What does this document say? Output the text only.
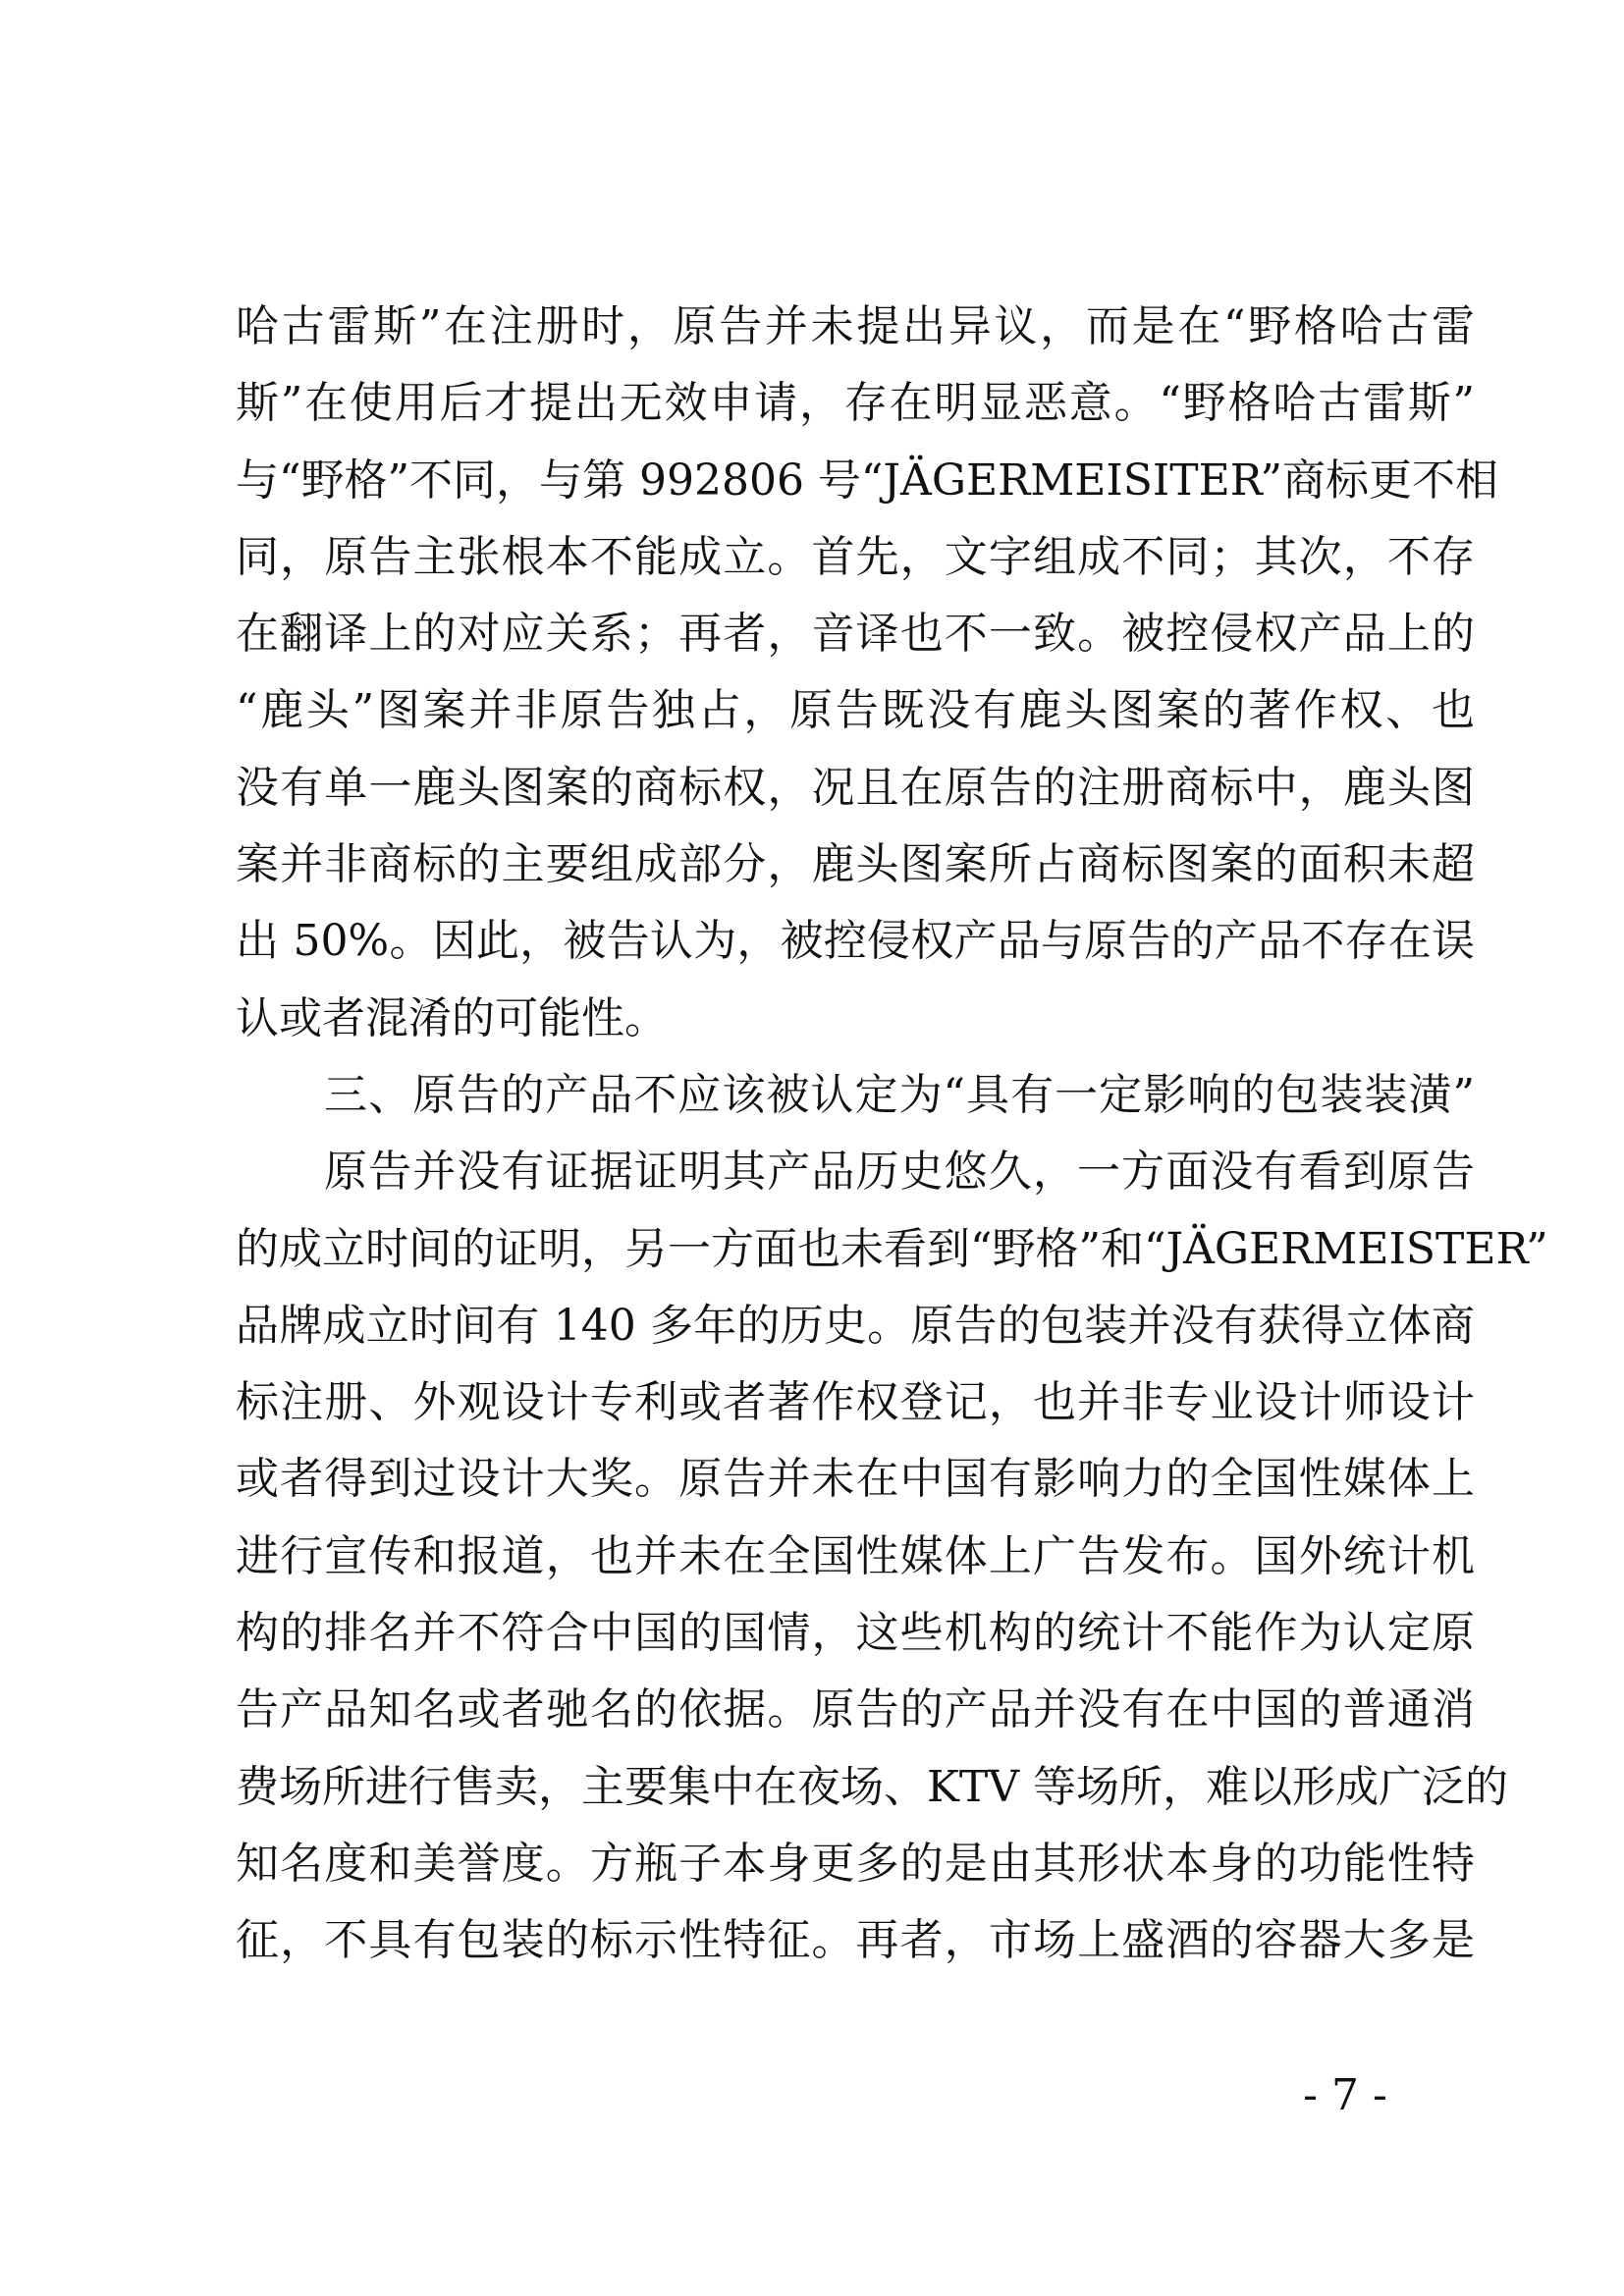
哈古雷斯”在注册时，原告并未提出异议，而是在“野格哈古雷
斯”在使用后才提出无效申请，存在明显恶意。“野格哈古雷斯”
与“野格”不同，与第 992806 号“JÄGERMEISITER”商标更不相
同，原告主张根本不能成立。首先，文字组成不同；其次，不存
在翻译上的对应关系；再者，音译也不一致。被控侵权产品上的
“鹿头”图案并非原告独占，原告既没有鹿头图案的著作权、也
没有单一鹿头图案的商标权，况且在原告的注册商标中，鹿头图
案并非商标的主要组成部分，鹿头图案所占商标图案的面积未超
出 50%。因此，被告认为，被控侵权产品与原告的产品不存在误
认或者混淆的可能性。
三、原告的产品不应该被认定为“具有一定影响的包装装潢”
原告并没有证据证明其产品历史悠久，一方面没有看到原告
的成立时间的证明，另一方面也未看到“野格”和“JÄGERMEISTER”
品牌成立时间有 140 多年的历史。原告的包装并没有获得立体商
标注册、外观设计专利或者著作权登记，也并非专业设计师设计
或者得到过设计大奖。原告并未在中国有影响力的全国性媒体上
进行宣传和报道，也并未在全国性媒体上广告发布。国外统计机
构的排名并不符合中国的国情，这些机构的统计不能作为认定原
告产品知名或者驰名的依据。原告的产品并没有在中国的普通消
费场所进行售卖，主要集中在夜场、KTV 等场所，难以形成广泛的
知名度和美誉度。方瓶子本身更多的是由其形状本身的功能性特
征，不具有包装的标示性特征。再者，市场上盛酒的容器大多是
- 7 -
